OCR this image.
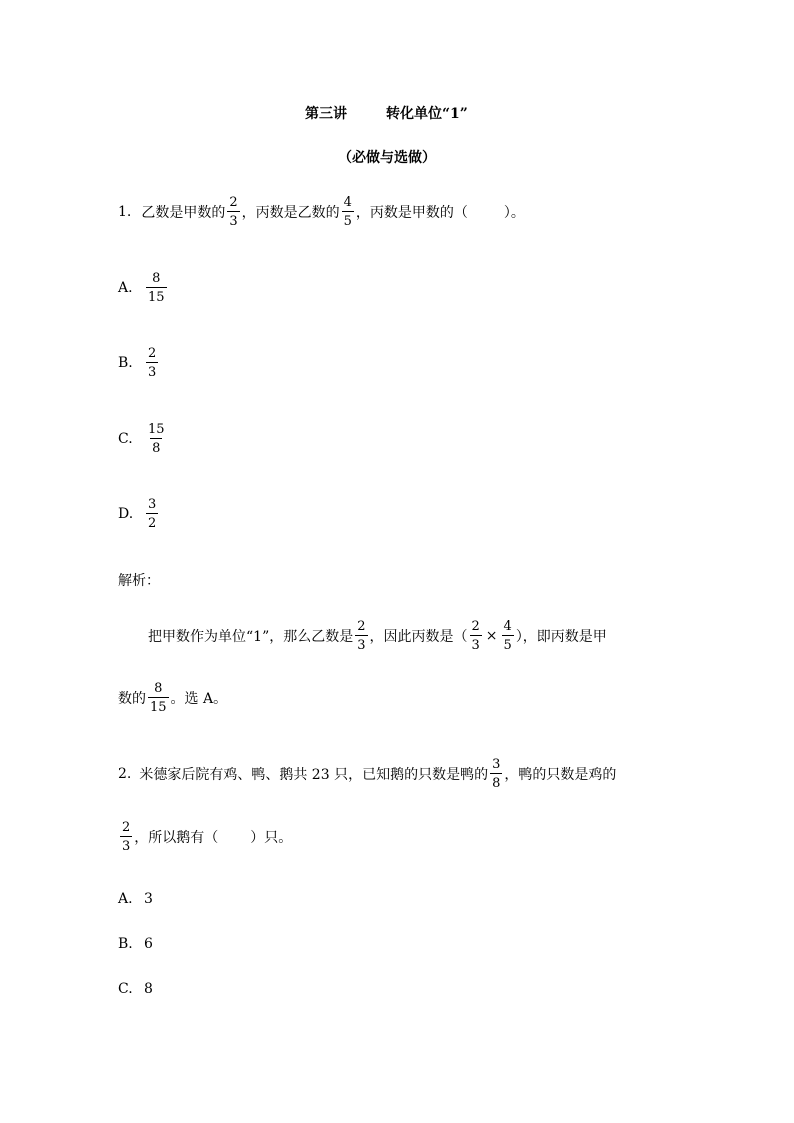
第三讲	转化单位“1”
（必做与选做）
1. 乙数是甲数的 $\frac{2}{3}$ ，丙数是乙数的 $\frac{4}{5}$ ，丙数是甲数的（	）。
A.	$\frac{8}{15}$
B.	$\frac{2}{3}$
C.	$\frac{15}{8}$
D. $\frac{3}{2}$
解析：
把甲数作为单位“1”，那么乙数是 $\frac{2}{3}$ ，因此丙数是（ $\frac{2}{3} \times \frac{4}{5}$ ），即丙数是甲
数的 $\frac{8}{15}$ 。选 A。
2. 米德家后院有鸡、鸭、鹅共 23 只，已知鹅的只数是鸭的 $\frac{3}{8}$ ，鸭的只数是鸡的
$\frac{2}{3}$ ，所以鹅有（ ）只。
A. 3
B. 6
C. 8
